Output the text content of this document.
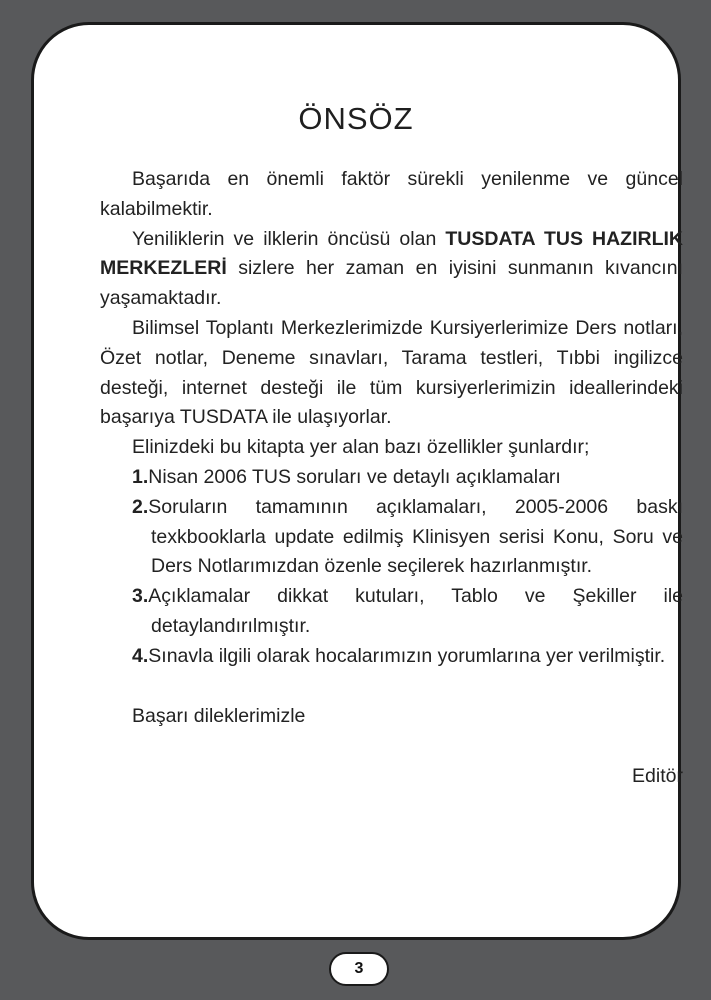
ÖNSÖZ

Başarıda en önemli faktör sürekli yenilenme ve güncel kalabilmektir.

Yeniliklerin ve ilklerin öncüsü olan TUSDATA TUS HAZIRLIK MERKEZLERİ sizlere her zaman en iyisini sunmanın kıvancını yaşamaktadır.

Bilimsel Toplantı Merkezlerimizde Kursiyerlerimize Ders notları, Özet notlar, Deneme sınavları, Tarama testleri, Tıbbi ingilizce desteği, internet desteği ile tüm kursiyerlerimizin ideallerindeki başarıya TUSDATA ile ulaşıyorlar.

Elinizdeki bu kitapta yer alan bazı özellikler şunlardır;

1.Nisan 2006 TUS soruları ve detaylı açıklamaları
2.Soruların tamamının açıklamaları, 2005-2006 baskı texkbooklarla update edilmiş Klinisyen serisi Konu, Soru ve Ders Notlarımızdan özenle seçilerek hazırlanmıştır.
3.Açıklamalar dikkat kutuları, Tablo ve Şekiller ile detaylandırılmıştır.
4.Sınavla ilgili olarak hocalarımızın yorumlarına yer verilmiştir.

Başarı dileklerimizle

Editör

3
